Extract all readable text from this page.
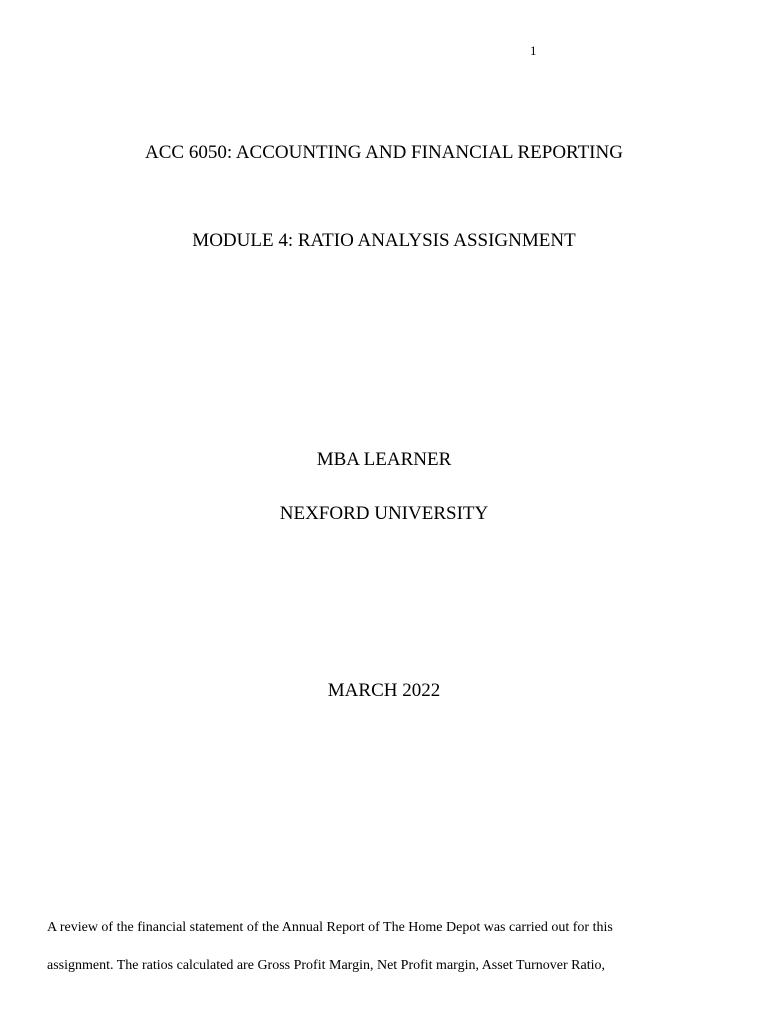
1
ACC 6050: ACCOUNTING AND FINANCIAL REPORTING
MODULE 4: RATIO ANALYSIS ASSIGNMENT
MBA LEARNER
NEXFORD UNIVERSITY
MARCH 2022
A review of the financial statement of the Annual Report of The Home Depot was carried out for this
assignment. The ratios calculated are Gross Profit Margin, Net Profit margin, Asset Turnover Ratio,
